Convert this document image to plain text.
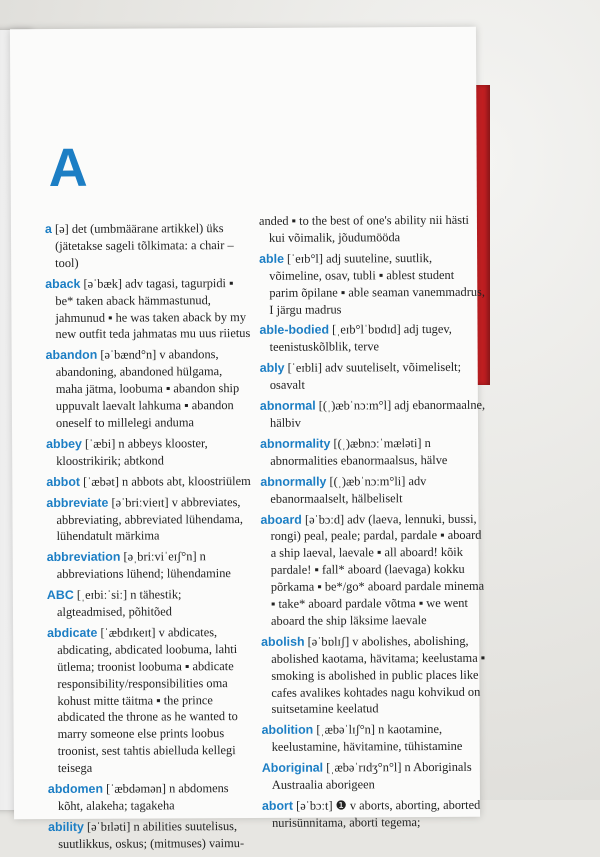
A
a [ə] det (umbmäärane artikkel) üks (jätetakse sageli tõlkimata: a chair – tool)
aback [əˈbæk] adv tagasi, tagurpidi ▪ be* taken aback hämmastunud, jahmunud ▪ he was taken aback by my new outfit teda jahmatas mu uus riietus
abandon [əˈbænd°n] v abandons, abandoning, abandoned hülgama, maha jätma, loobuma ▪ abandon ship uppuvalt laevalt lahkuma ▪ abandon oneself to millelegi anduma
abbey [ˈæbi] n abbeys klooster, kloostrikirik; abtkond
abbot [ˈæbət] n abbots abt, kloostriülem
abbreviate [əˈbriːvieɪt] v abbreviates, abbreviating, abbreviated lühendama, lühendatult märkima
abbreviation [əˌbriːviˈeɪʃ°n] n abbreviations lühend; lühendamine
ABC [ˌeɪbiːˈsiː] n tähestik; algteadmised, põhitõed
abdicate [ˈæbdɪkeɪt] v abdicates, abdicating, abdicated loobuma, lahti ütlema; troonist loobuma ▪ abdicate responsibility/responsibilities oma kohust mitte täitma ▪ the prince abdicated the throne as he wanted to marry someone else prints loobus troonist, sest tahtis abielluda kellegi teisega
abdomen [ˈæbdəmən] n abdomens kõht, alakeha; tagakeha
ability [əˈbɪləti] n abilities suutelisus, suutlikkus, oskus; (mitmuses) vaimu-
anded ▪ to the best of one's ability nii hästi kui võimalik, jõudumööda
able [ˈeɪb°l] adj suuteline, suutlik, võimeline, osav, tubli ▪ ablest student parim õpilane ▪ able seaman vanemmadrus, I järgu madrus
able-bodied [ˌeɪb°lˈbɒdɪd] adj tugev, teenistuskõlblik, terve
ably [ˈeɪbli] adv suuteliselt, võimeliselt; osavalt
abnormal [(ˌ)æbˈnɔːm°l] adj ebanormaalne, hälbiv
abnormality [(ˌ)æbnɔːˈmæləti] n abnormalities ebanormaalsus, hälve
abnormally [(ˌ)æbˈnɔːm°li] adv ebanormaalselt, hälbeliselt
aboard [əˈbɔːd] adv (laeva, lennuki, bussi, rongi) peal, peale; pardal, pardale ▪ aboard a ship laeval, laevale ▪ all aboard! kõik pardale! ▪ fall* aboard (laevaga) kokku põrkama ▪ be*/go* aboard pardale minema ▪ take* aboard pardale võtma ▪ we went aboard the ship läksime laevale
abolish [əˈbɒlɪʃ] v abolishes, abolishing, abolished kaotama, hävitama; keelustama ▪ smoking is abolished in public places like cafes avalikes kohtades nagu kohvikud on suitsetamine keelatud
abolition [ˌæbəˈlɪʃ°n] n kaotamine, keelustamine, hävitamine, tühistamine
Aboriginal [ˌæbəˈrɪdʒ°n°l] n Aboriginals Austraalia aborigeen
abort [əˈbɔːt] ❶ v aborts, aborting, aborted nurisünnitama, aborti tegema;
